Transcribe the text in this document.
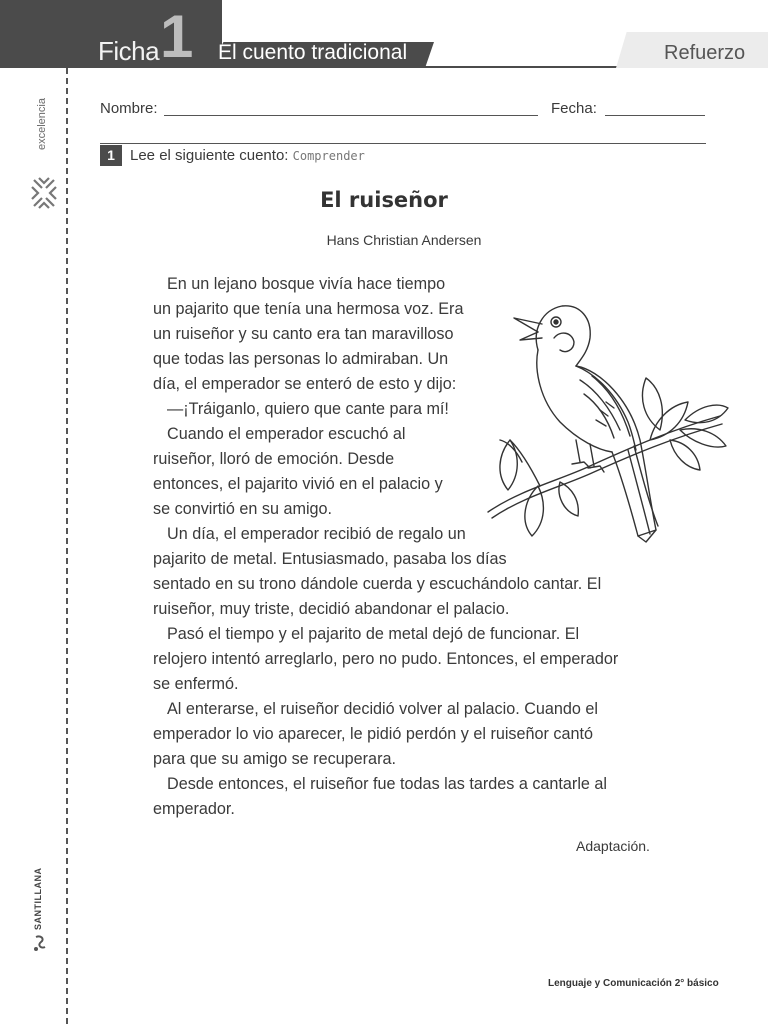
1
Ficha	El cuento tradicional	Refuerzo
excelencia
SANTILLANA
Nombre:	Fecha:
1	Lee el siguiente cuento: Comprender
El ruiseñor
Hans Christian Andersen

En un lejano bosque vivía hace tiempo

un pajarito que tenía una hermosa voz. Era

un ruiseñor y su canto era tan maravilloso

que todas las personas lo admiraban. Un

día, el emperador se enteró de esto y dijo:

—¡Tráiganlo, quiero que cante para mí!

Cuando el emperador escuchó al

ruiseñor, lloró de emoción. Desde

entonces, el pajarito vivió en el palacio y

se convirtió en su amigo.

Un día, el emperador recibió de regalo un

pajarito de metal. Entusiasmado, pasaba los días

sentado en su trono dándole cuerda y escuchándolo cantar. El

ruiseñor, muy triste, decidió abandonar el palacio.

Pasó el tiempo y el pajarito de metal dejó de funcionar. El

relojero intentó arreglarlo, pero no pudo. Entonces, el emperador

se enfermó.

Al enterarse, el ruiseñor decidió volver al palacio. Cuando el

emperador lo vio aparecer, le pidió perdón y el ruiseñor cantó

para que su amigo se recuperara.

Desde entonces, el ruiseñor fue todas las tardes a cantarle al

emperador.

Adaptación.
Lenguaje y Comunicación 2° básico
